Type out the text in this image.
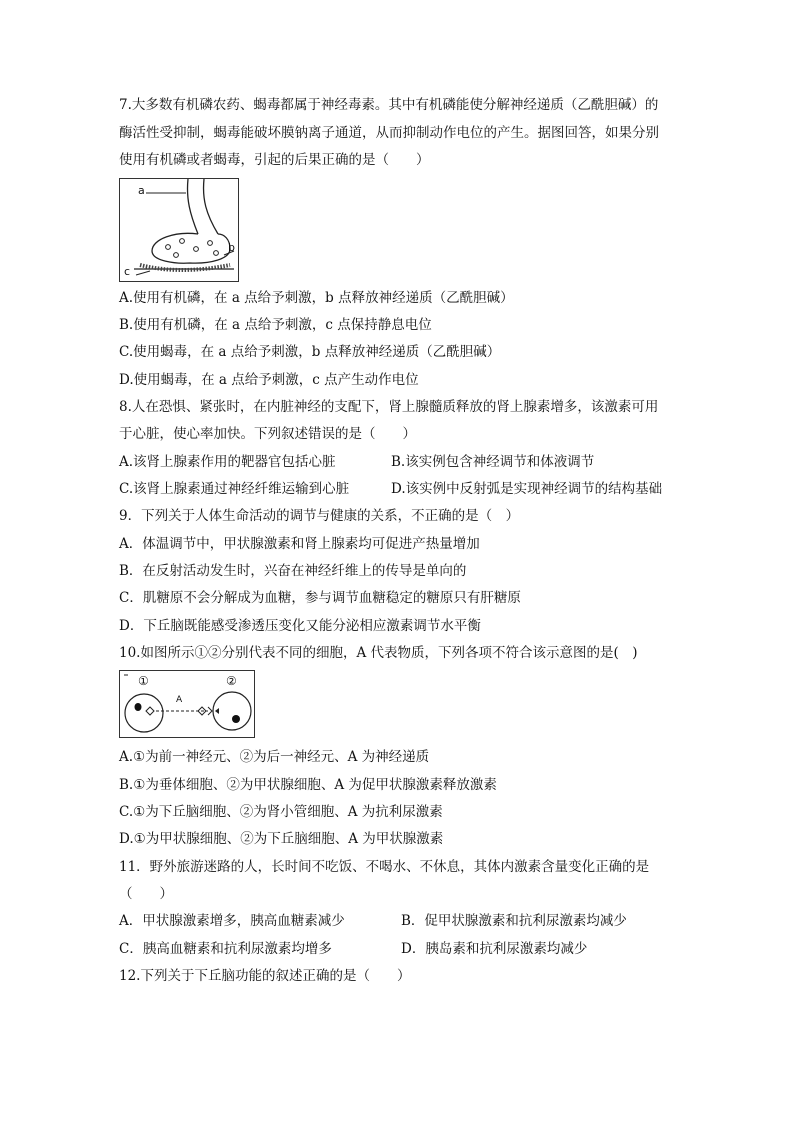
7.大多数有机磷农药、蝎毒都属于神经毒素。其中有机磷能使分解神经递质（乙酰胆碱）的
酶活性受抑制，蝎毒能破坏膜钠离子通道，从而抑制动作电位的产生。据图回答，如果分别
使用有机磷或者蝎毒，引起的后果正确的是（　　）
a
b
c
A.使用有机磷，在 a 点给予刺激，b 点释放神经递质（乙酰胆碱）
B.使用有机磷，在 a 点给予刺激，c 点保持静息电位
C.使用蝎毒，在 a 点给予刺激，b 点释放神经递质（乙酰胆碱）
D.使用蝎毒，在 a 点给予刺激，c 点产生动作电位
8.人在恐惧、紧张时，在内脏神经的支配下，肾上腺髓质释放的肾上腺素增多，该激素可用
于心脏，使心率加快。下列叙述错误的是（　　）
A.该肾上腺素作用的靶器官包括心脏	B.该实例包含神经调节和体液调节
C.该肾上腺素通过神经纤维运输到心脏	D.该实例中反射弧是实现神经调节的结构基础
9．下列关于人体生命活动的调节与健康的关系，不正确的是（　）
A．体温调节中，甲状腺激素和肾上腺素均可促进产热量增加
B．在反射活动发生时，兴奋在神经纤维上的传导是单向的
C．肌糖原不会分解成为血糖，参与调节血糖稳定的糖原只有肝糖原
D．下丘脑既能感受渗透压变化又能分泌相应激素调节水平衡
10.如图所示①②分别代表不同的细胞，A 代表物质，下列各项不符合该示意图的是(　)
①	②
A
A.①为前一神经元、②为后一神经元、A 为神经递质
B.①为垂体细胞、②为甲状腺细胞、A 为促甲状腺激素释放激素
C.①为下丘脑细胞、②为肾小管细胞、A 为抗利尿激素
D.①为甲状腺细胞、②为下丘脑细胞、A 为甲状腺激素
11．野外旅游迷路的人，长时间不吃饭、不喝水、不休息，其体内激素含量变化正确的是
（　　）
A．甲状腺激素增多，胰高血糖素减少	B．促甲状腺激素和抗利尿激素均减少
C．胰高血糖素和抗利尿激素均增多	D．胰岛素和抗利尿激素均减少
12.下列关于下丘脑功能的叙述正确的是（　　）
